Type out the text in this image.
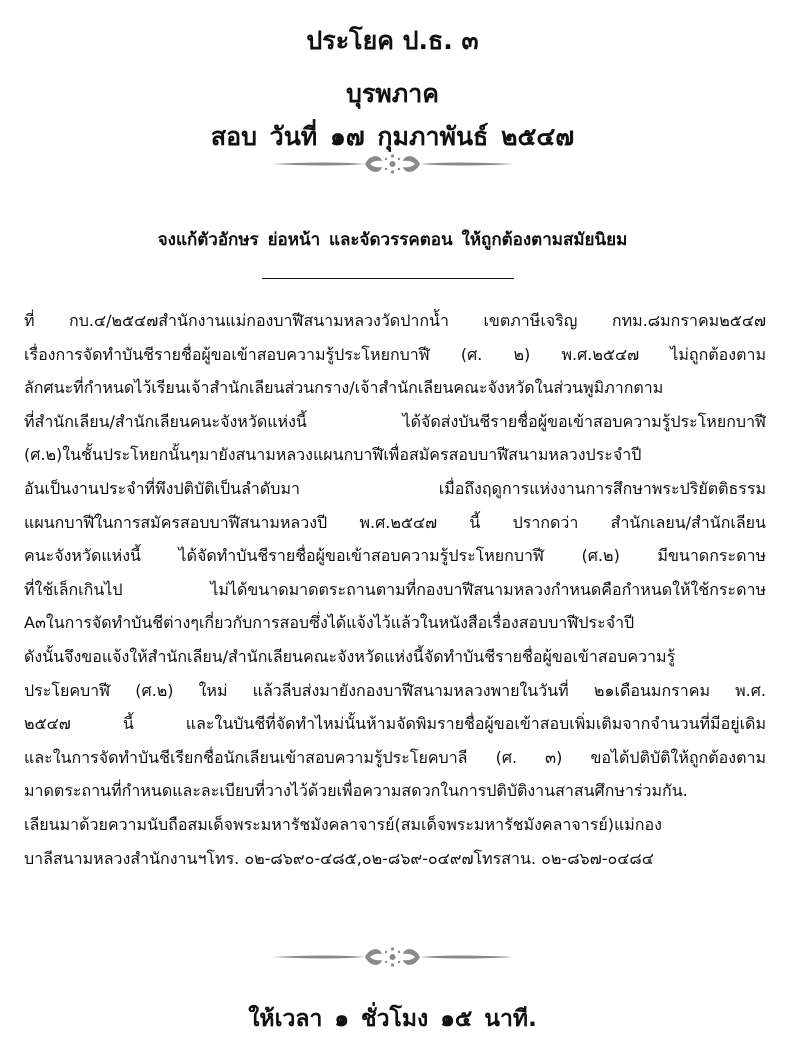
ประโยค ป.ธ. ๓
บุรพภาค
สอบ วันที่ ๑๗ กุมภาพันธ์ ๒๕๔๗
จงแก้ตัวอักษร ย่อหน้า และจัดวรรคตอน ให้ถูกต้องตามสมัยนิยม
ที่ กบ.๔/๒๕๔๗สำนักงานแม่กองบาฬีสนามหลวงวัดปากน้ำ เขตภาษีเจริญ กทม.๘มกราคม๒๕๔๗
เรื่องการจัดทำบันชีรายชื่อผู้ขอเข้าสอบความรู้ประโหยกบาฬี (ศ. ๒) พ.ศ.๒๕๔๗ ไม่ถูกต้องตาม
ลักศนะที่กำหนดไว้เรียนเจ้าสำนักเลียนส่วนกราง/เจ้าสำนักเลียนคณะจังหวัดในส่วนพูมิภากตาม
ที่สำนักเลียน/สำนักเลียนคนะจังหวัดแห่งนี้ ได้จัดส่งบันชีรายชื่อผู้ขอเข้าสอบความรู้ประโหยกบาฬี
(ศ.๒)ในชั้นประโหยกนั้นๆมายังสนามหลวงแผนกบาฬีเพื่อสมัครสอบบาฬีสนามหลวงประจำปี
อันเป็นงานประจำที่พึงปติบัติเป็นลำดับมา เมื่อถึงฤดูการแห่งงานการสึกษาพระปริยัตติธรรม
แผนกบาฬีในการสมัครสอบบาฬีสนามหลวงปี พ.ศ.๒๕๔๗ นี้ ปรากดว่า สำนักเลยน/สำนักเลียน
คนะจังหวัดแห่งนี้ ได้จัดทำบันชีรายชื่อผู้ขอเข้าสอบความรู้ประโหยกบาฬี (ศ.๒) มีขนาดกระดาษ
ที่ใช้เล็กเกินไป ไม่ได้ขนาดมาดตระถานตามที่กองบาฬีสนามหลวงกำหนดคือกำหนดให้ใช้กระดาษ
A๓ในการจัดทำบันชีต่างๆเกี่ยวกับการสอบซึ่งได้แจ้งไว้แล้วในหนังสือเรื่องสอบบาฬีประจำปี
ดังนั้นจึงขอแจ้งให้สำนักเลียน/สำนักเลียนคณะจังหวัดแห่งนี้จัดทำบันชีรายชื่อผู้ขอเข้าสอบความรู้
ประโยคบาฬี (ศ.๒) ใหม่ แล้วลีบส่งมายังกองบาฬีสนามหลวงพายในวันที่ ๒๑เดือนมกราคม พ.ศ.
๒๕๔๗ นี้ และในบันชีที่จัดทำไหม่นั้นห้ามจัดพิมรายชื่อผู้ขอเข้าสอบเพิ่มเติมจากจำนวนที่มีอยู่เดิม
และในการจัดทำบันชีเรียกชื่อนักเลียนเข้าสอบความรู้ประโยคบาลี (ศ. ๓) ขอได้ปติบัติให้ถูกต้องตาม
มาดตระถานที่กำหนดและละเบียบที่วางไว้ด้วยเพื่อความสดวกในการปติบัติงานสาสนศึกษาร่วมกัน.
เลียนมาด้วยความนับถือสมเด็จพระมหารัชมังคลาจารย์(สมเด็จพระมหารัชมังคลาจารย์)แม่กอง
บาลีสนามหลวงสำนักงานฯโทร. ๐๒-๘๖๙๐-๔๘๕,๐๒-๘๖๙-๐๔๙๗โทรสาน. ๐๒-๘๖๗-๐๔๘๔
ให้เวลา ๑ ชั่วโมง ๑๕ นาที.
